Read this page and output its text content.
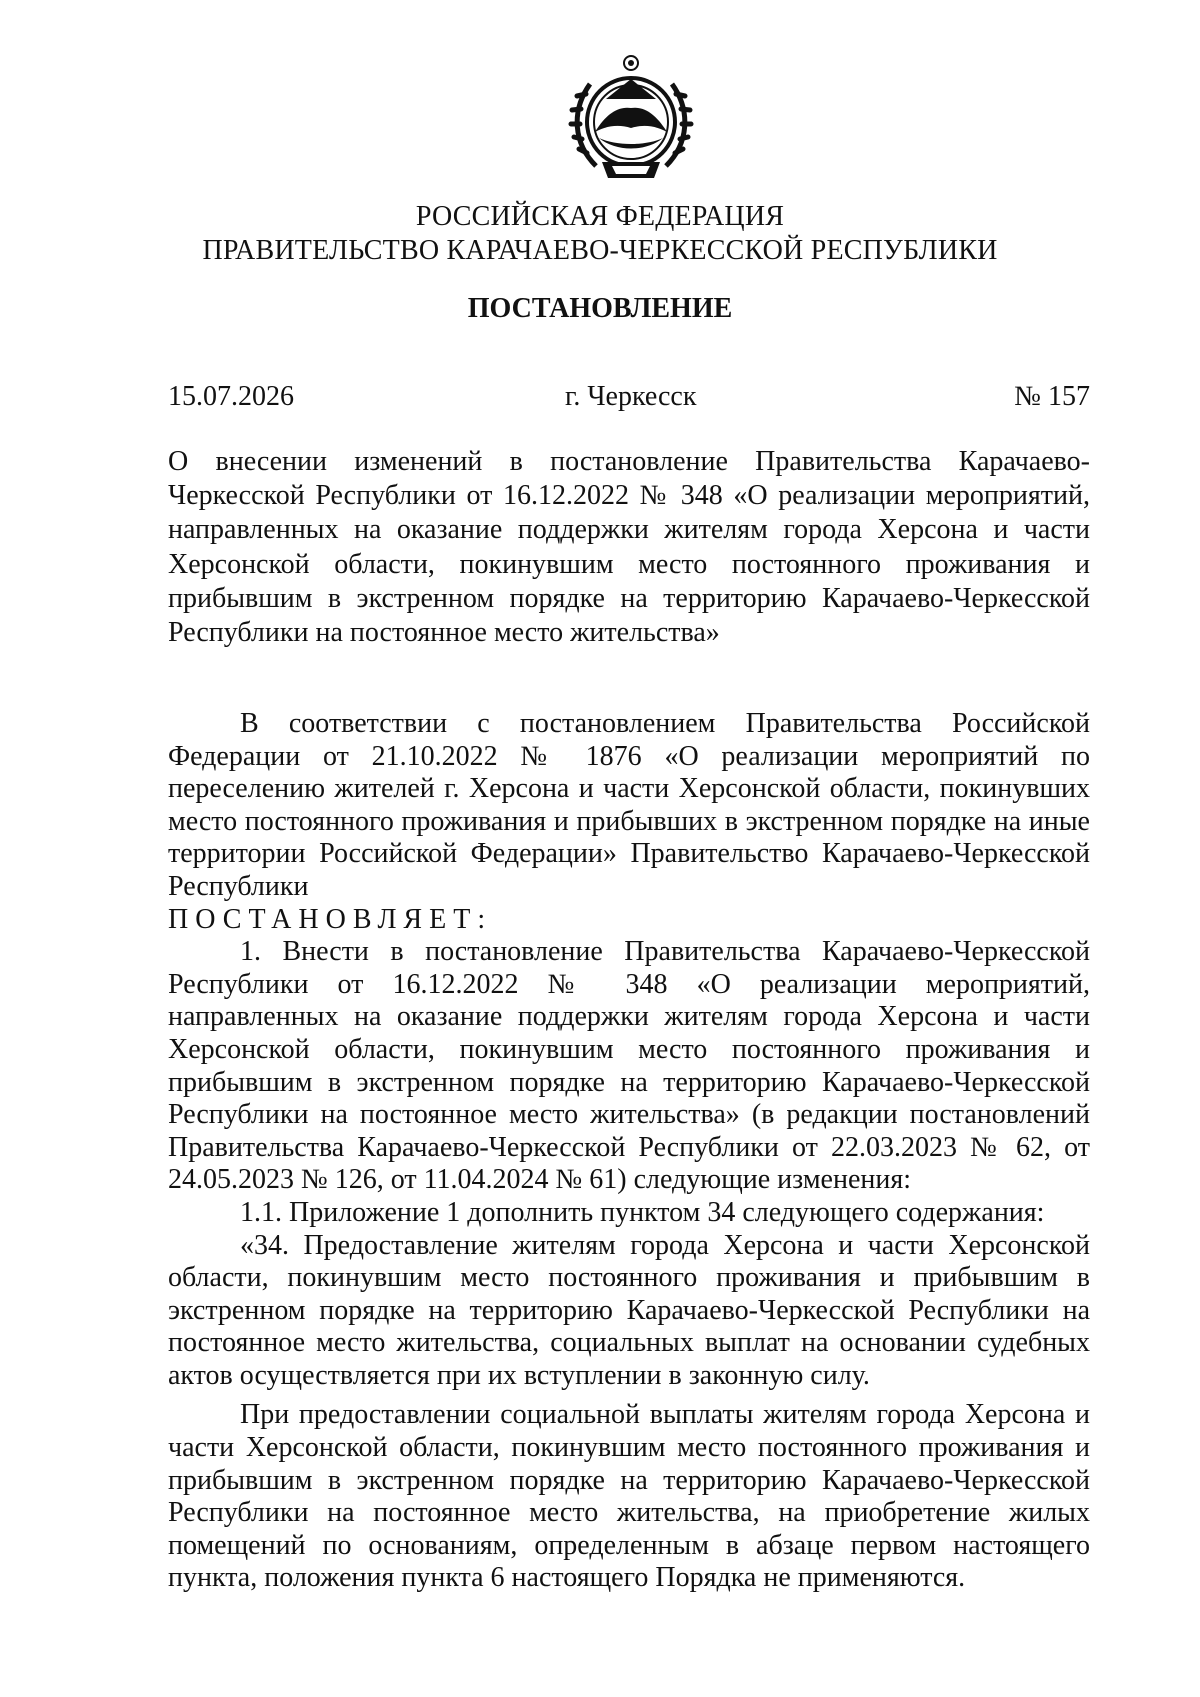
РОССИЙСКАЯ ФЕДЕРАЦИЯ
ПРАВИТЕЛЬСТВО КАРАЧАЕВО-ЧЕРКЕССКОЙ РЕСПУБЛИКИ
ПОСТАНОВЛЕНИЕ
15.07.2026	г. Черкесск	№ 157
О внесении изменений в постановление Правительства Карачаево-Черкесской Республики от 16.12.2022 № 348 «О реализации мероприятий, направленных на оказание поддержки жителям города Херсона и части Херсонской области, покинувшим место постоянного проживания и прибывшим в экстренном порядке на территорию Карачаево-Черкесской Республики на постоянное место жительства»

В соответствии с постановлением Правительства Российской Федерации от 21.10.2022 № 1876 «О реализации мероприятий по переселению жителей г. Херсона и части Херсонской области, покинувших место постоянного проживания и прибывших в экстренном порядке на иные территории Российской Федерации» Правительство Карачаево-Черкесской Республики

ПОСТАНОВЛЯЕТ:

1. Внести в постановление Правительства Карачаево-Черкесской Республики от 16.12.2022 № 348 «О реализации мероприятий, направленных на оказание поддержки жителям города Херсона и части Херсонской области, покинувшим место постоянного проживания и прибывшим в экстренном порядке на территорию Карачаево-Черкесской Республики на постоянное место жительства» (в редакции постановлений Правительства Карачаево-Черкесской Республики от 22.03.2023 № 62, от 24.05.2023 № 126, от 11.04.2024 № 61) следующие изменения:

1.1. Приложение 1 дополнить пунктом 34 следующего содержания:

«34. Предоставление жителям города Херсона и части Херсонской области, покинувшим место постоянного проживания и прибывшим в экстренном порядке на территорию Карачаево-Черкесской Республики на постоянное место жительства, социальных выплат на основании судебных актов осуществляется при их вступлении в законную силу.

При предоставлении социальной выплаты жителям города Херсона и части Херсонской области, покинувшим место постоянного проживания и прибывшим в экстренном порядке на территорию Карачаево-Черкесской Республики на постоянное место жительства, на приобретение жилых помещений по основаниям, определенным в абзаце первом настоящего пункта, положения пункта 6 настоящего Порядка не применяются.
